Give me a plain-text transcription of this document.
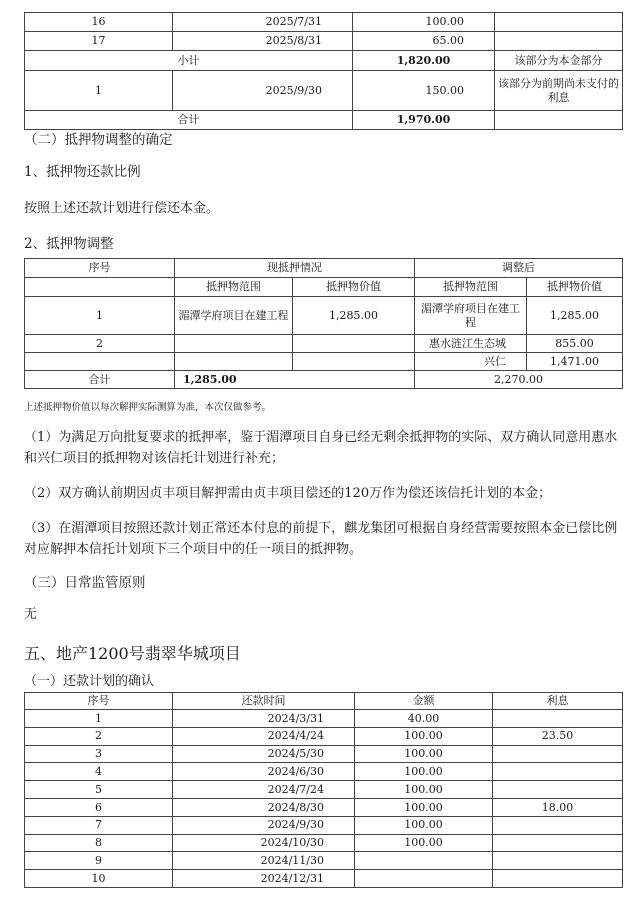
16	2025/7/31	100.00	
17	2025/8/31	65.00	
小计		1,820.00	该部分为本金部分
1	2025/9/30	150.00	该部分为前期尚未支付的利息
合计		1,970.00	
（二）抵押物调整的确定
1、抵押物还款比例
按照上述还款计划进行偿还本金。
2、抵押物调整
序号	现抵押情况		调整后	
	抵押物范围	抵押物价值	抵押物范围	抵押物价值
1	湄潭学府项目在建工程	1,285.00	湄潭学府项目在建工程	1,285.00
2			惠水涟江生态城	855.00
			兴仁	1,471.00
合计	1,285.00		2,270.00	
上述抵押物价值以每次解押实际测算为准，本次仅做参考。
（1）为满足万向批复要求的抵押率，鉴于湄潭项目自身已经无剩余抵押物的实际、双方确认同意用惠水和兴仁项目的抵押物对该信托计划进行补充；
（2）双方确认前期因贞丰项目解押需由贞丰项目偿还的120万作为偿还该信托计划的本金；
（3）在湄潭项目按照还款计划正常还本付息的前提下，麒龙集团可根据自身经营需要按照本金已偿比例对应解押本信托计划项下三个项目中的任一项目的抵押物。
（三）日常监管原则
无
五、地产1200号翡翠华城项目
（一）还款计划的确认
序号	还款时间	金额	利息
1	2024/3/31	40.00	
2	2024/4/24	100.00	23.50
3	2024/5/30	100.00	
4	2024/6/30	100.00	
5	2024/7/24	100.00	
6	2024/8/30	100.00	18.00
7	2024/9/30	100.00	
8	2024/10/30	100.00	
9	2024/11/30		
10	2024/12/31		
